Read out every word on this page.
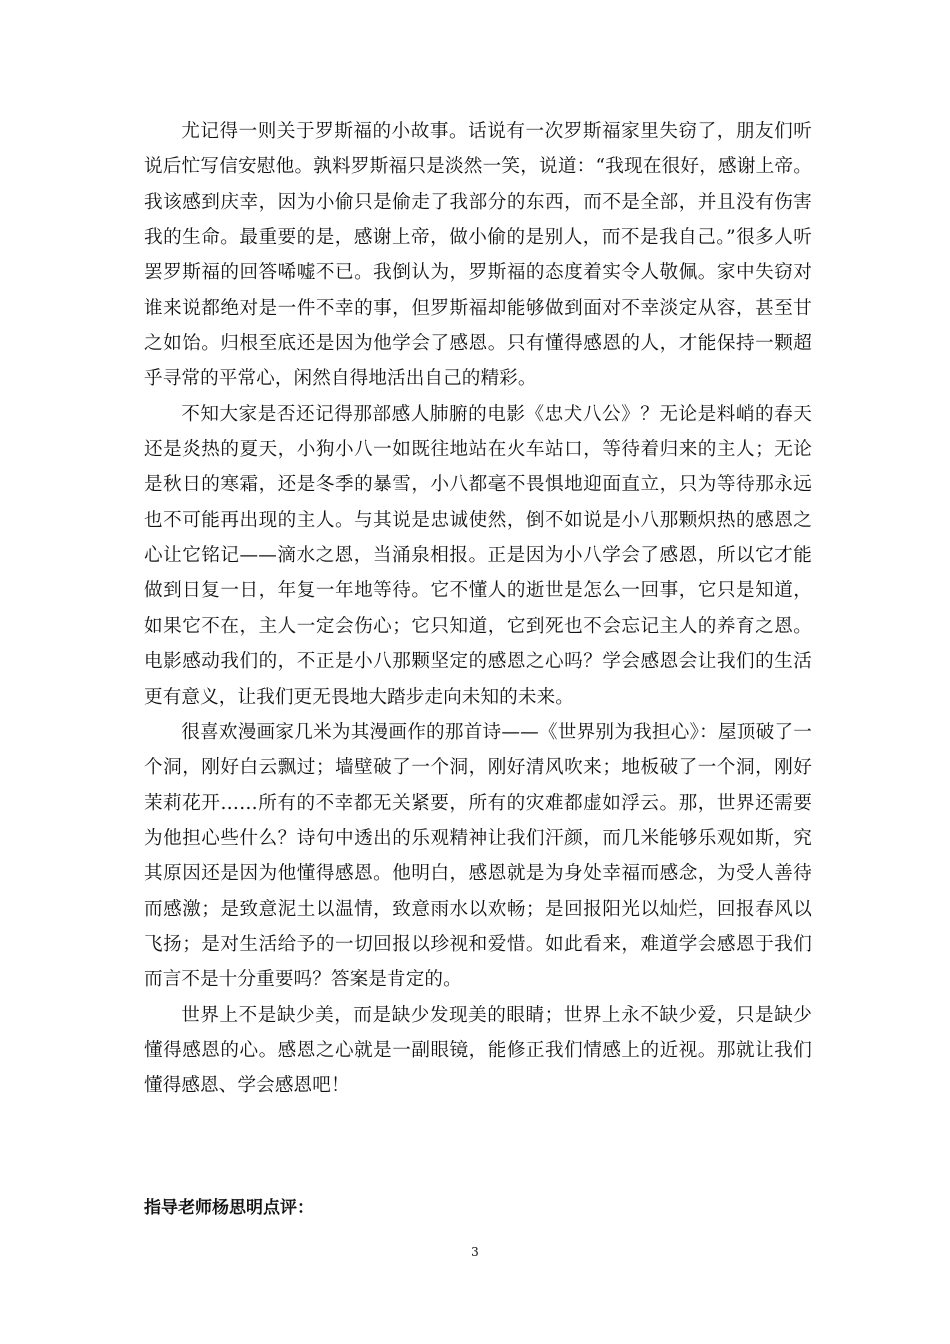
尤记得一则关于罗斯福的小故事。话说有一次罗斯福家里失窃了，朋友们听说后忙写信安慰他。孰料罗斯福只是淡然一笑，说道：“我现在很好，感谢上帝。我该感到庆幸，因为小偷只是偷走了我部分的东西，而不是全部，并且没有伤害我的生命。最重要的是，感谢上帝，做小偷的是别人，而不是我自己。”很多人听罢罗斯福的回答唏嘘不已。我倒认为，罗斯福的态度着实令人敬佩。家中失窃对谁来说都绝对是一件不幸的事，但罗斯福却能够做到面对不幸淡定从容，甚至甘之如饴。归根至底还是因为他学会了感恩。只有懂得感恩的人，才能保持一颗超乎寻常的平常心，闲然自得地活出自己的精彩。

不知大家是否还记得那部感人肺腑的电影《忠犬八公》？无论是料峭的春天还是炎热的夏天，小狗小八一如既往地站在火车站口，等待着归来的主人；无论是秋日的寒霜，还是冬季的暴雪，小八都毫不畏惧地迎面直立，只为等待那永远也不可能再出现的主人。与其说是忠诚使然，倒不如说是小八那颗炽热的感恩之心让它铭记——滴水之恩，当涌泉相报。正是因为小八学会了感恩，所以它才能做到日复一日，年复一年地等待。它不懂人的逝世是怎么一回事，它只是知道，如果它不在，主人一定会伤心；它只知道，它到死也不会忘记主人的养育之恩。电影感动我们的，不正是小八那颗坚定的感恩之心吗？学会感恩会让我们的生活更有意义，让我们更无畏地大踏步走向未知的未来。

很喜欢漫画家几米为其漫画作的那首诗——《世界别为我担心》：屋顶破了一个洞，刚好白云飘过；墙壁破了一个洞，刚好清风吹来；地板破了一个洞，刚好茉莉花开……所有的不幸都无关紧要，所有的灾难都虚如浮云。那，世界还需要为他担心些什么？诗句中透出的乐观精神让我们汗颜，而几米能够乐观如斯，究其原因还是因为他懂得感恩。他明白，感恩就是为身处幸福而感念，为受人善待而感激；是致意泥土以温情，致意雨水以欢畅；是回报阳光以灿烂，回报春风以飞扬；是对生活给予的一切回报以珍视和爱惜。如此看来，难道学会感恩于我们而言不是十分重要吗？答案是肯定的。

世界上不是缺少美，而是缺少发现美的眼睛；世界上永不缺少爱，只是缺少懂得感恩的心。感恩之心就是一副眼镜，能修正我们情感上的近视。那就让我们懂得感恩、学会感恩吧！

指导老师杨思明点评：
3
